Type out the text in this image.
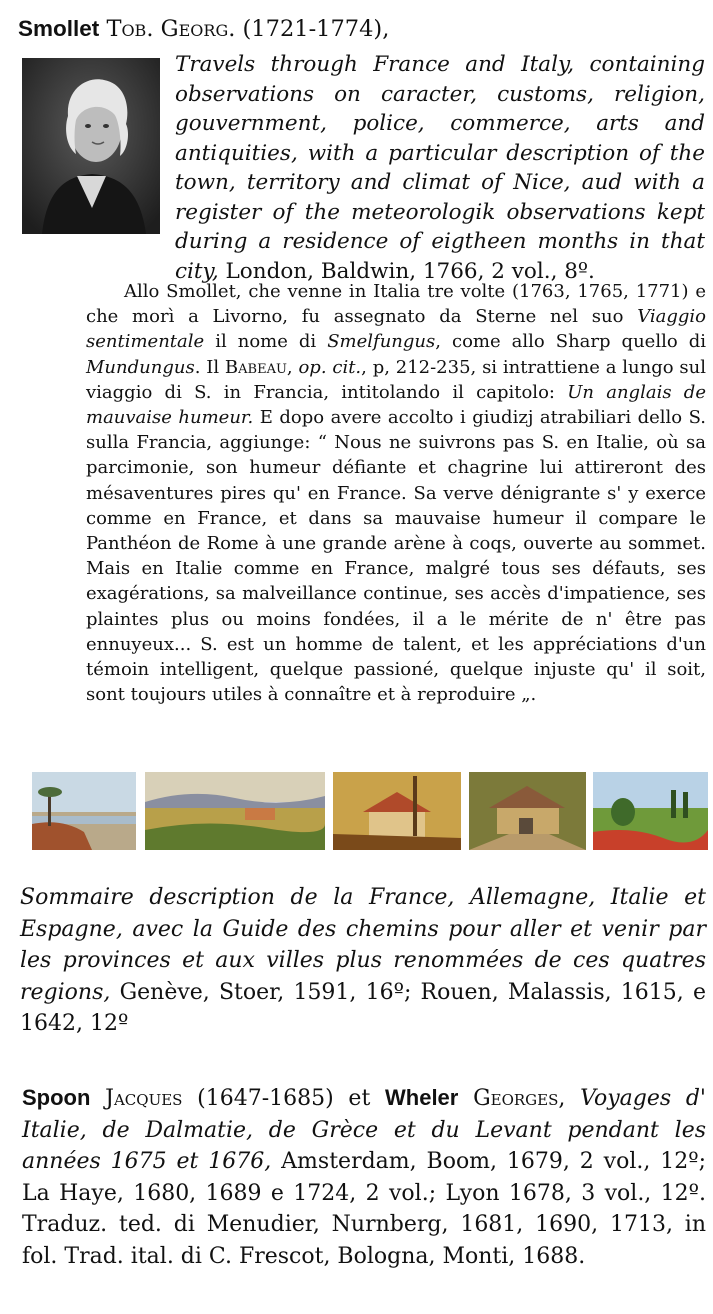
Smollet Tob. Georg. (1721-1774),
Travels through France and Italy, containing observations on caracter, customs, religion, gouvernment, police, commerce, arts and antiquities, with a particular description of the town, territory and climat of Nice, aud with a register of the meteorologik observations kept during a residence of eigtheen months in that city, London, Baldwin, 1766, 2 vol., 8º.

Allo Smollet, che venne in Italia tre volte (1763, 1765, 1771) e che morì a Livorno, fu assegnato da Sterne nel suo Viaggio sentimentale il nome di Smelfungus, come allo Sharp quello di Mundungus. Il Babeau, op. cit., p, 212-235, si intrattiene a lungo sul viaggio di S. in Francia, intitolando il capitolo: Un anglais de mauvaise humeur. E dopo avere accolto i giudizj atrabiliari dello S. sulla Francia, aggiunge: “ Nous ne suivrons pas S. en Italie, où sa parcimonie, son humeur défiante et chagrine lui attireront des mésaventures pires qu' en France. Sa verve dénigrante s' y exerce comme en France, et dans sa mauvaise humeur il compare le Panthéon de Rome à une grande arène à coqs, ouverte au sommet. Mais en Italie comme en France, malgré tous ses défauts, ses exagérations, sa malveillance continue, ses accès d'impatience, ses plaintes plus ou moins fondées, il a le mérite de n' être pas ennuyeux... S. est un homme de talent, et les appréciations d'un témoin intelligent, quelque passioné, quelque injuste qu' il soit, sont toujours utiles à connaître et à reproduire „.

Sommaire description de la France, Allemagne, Italie et Espagne, avec la Guide des chemins pour aller et venir par les provinces et aux villes plus renommées de ces quatres regions, Genève, Stoer, 1591, 16º; Rouen, Malassis, 1615, e 1642, 12º
Spoon Jacques (1647-1685) et Wheler Georges, Voyages d' Italie, de Dalmatie, de Grèce et du Levant pendant les années 1675 et 1676, Amsterdam, Boom, 1679, 2 vol., 12º; La Haye, 1680, 1689 e 1724, 2 vol.; Lyon 1678, 3 vol., 12º. Traduz. ted. di Menudier, Nurnberg, 1681, 1690, 1713, in fol. Trad. ital. di C. Frescot, Bologna, Monti, 1688.
